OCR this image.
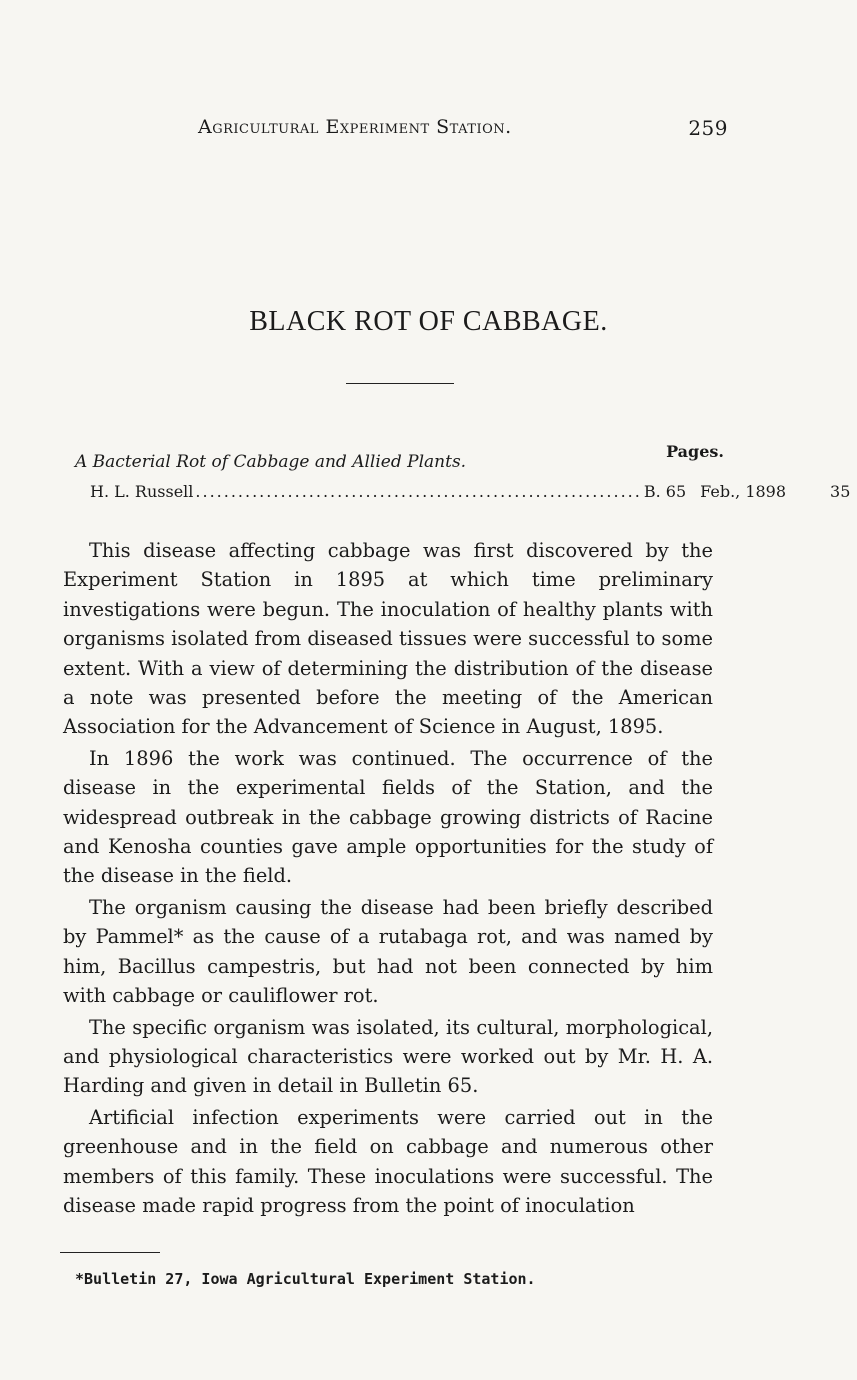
Agricultural Experiment Station.	259
BLACK ROT OF CABBAGE.
Pages.
A Bacterial Rot of Cabbage and Allied Plants.
H. L. Russell ............................................................... B. 65 Feb., 1898	35

This disease affecting cabbage was first discovered by the Experiment Station in 1895 at which time preliminary investigations were begun. The inoculation of healthy plants with organisms isolated from diseased tissues were successful to some extent. With a view of determining the distribution of the disease a note was presented before the meeting of the American Association for the Advancement of Science in August, 1895.

In 1896 the work was continued. The occurrence of the disease in the experimental fields of the Station, and the widespread outbreak in the cabbage growing districts of Racine and Kenosha counties gave ample opportunities for the study of the disease in the field.

The organism causing the disease had been briefly described by Pammel* as the cause of a rutabaga rot, and was named by him, Bacillus campestris, but had not been connected by him with cabbage or cauliflower rot.

The specific organism was isolated, its cultural, morphological, and physiological characteristics were worked out by Mr. H. A. Harding and given in detail in Bulletin 65.

Artificial infection experiments were carried out in the greenhouse and in the field on cabbage and numerous other members of this family. These inoculations were successful. The disease made rapid progress from the point of inoculation

*Bulletin 27, Iowa Agricultural Experiment Station.
